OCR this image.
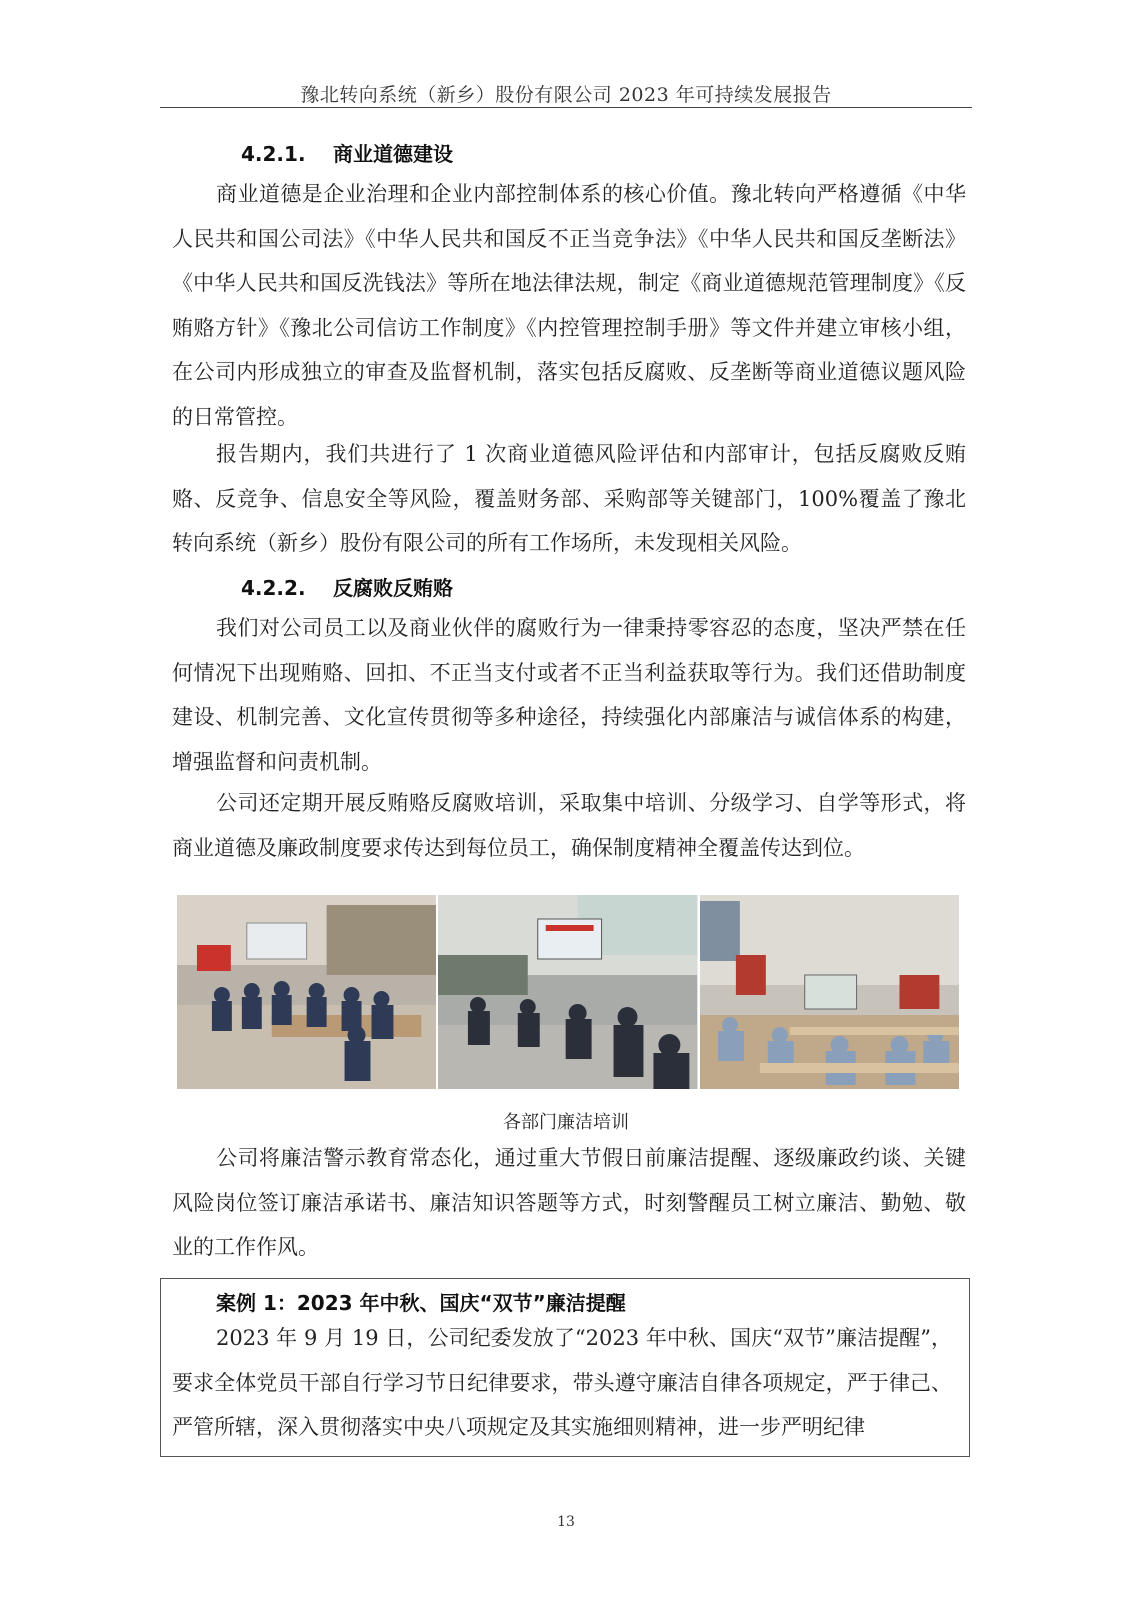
豫北转向系统（新乡）股份有限公司 2023 年可持续发展报告
4.2.1. 商业道德建设

商业道德是企业治理和企业内部控制体系的核心价值。豫北转向严格遵循《中华人民共和国公司法》《中华人民共和国反不正当竞争法》《中华人民共和国反垄断法》《中华人民共和国反洗钱法》等所在地法律法规，制定《商业道德规范管理制度》《反贿赂方针》《豫北公司信访工作制度》《内控管理控制手册》等文件并建立审核小组，在公司内形成独立的审查及监督机制，落实包括反腐败、反垄断等商业道德议题风险的日常管控。

报告期内，我们共进行了 1 次商业道德风险评估和内部审计，包括反腐败反贿赂、反竞争、信息安全等风险，覆盖财务部、采购部等关键部门，100%覆盖了豫北转向系统（新乡）股份有限公司的所有工作场所，未发现相关风险。

4.2.2. 反腐败反贿赂

我们对公司员工以及商业伙伴的腐败行为一律秉持零容忍的态度，坚决严禁在任何情况下出现贿赂、回扣、不正当支付或者不正当利益获取等行为。我们还借助制度建设、机制完善、文化宣传贯彻等多种途径，持续强化内部廉洁与诚信体系的构建，增强监督和问责机制。

公司还定期开展反贿赂反腐败培训，采取集中培训、分级学习、自学等形式，将商业道德及廉政制度要求传达到每位员工，确保制度精神全覆盖传达到位。

各部门廉洁培训

公司将廉洁警示教育常态化，通过重大节假日前廉洁提醒、逐级廉政约谈、关键风险岗位签订廉洁承诺书、廉洁知识答题等方式，时刻警醒员工树立廉洁、勤勉、敬业的工作作风。

案例 1：2023 年中秋、国庆“双节”廉洁提醒

2023 年 9 月 19 日，公司纪委发放了“2023 年中秋、国庆“双节”廉洁提醒”，要求全体党员干部自行学习节日纪律要求，带头遵守廉洁自律各项规定，严于律己、严管所辖，深入贯彻落实中央八项规定及其实施细则精神，进一步严明纪律

13
